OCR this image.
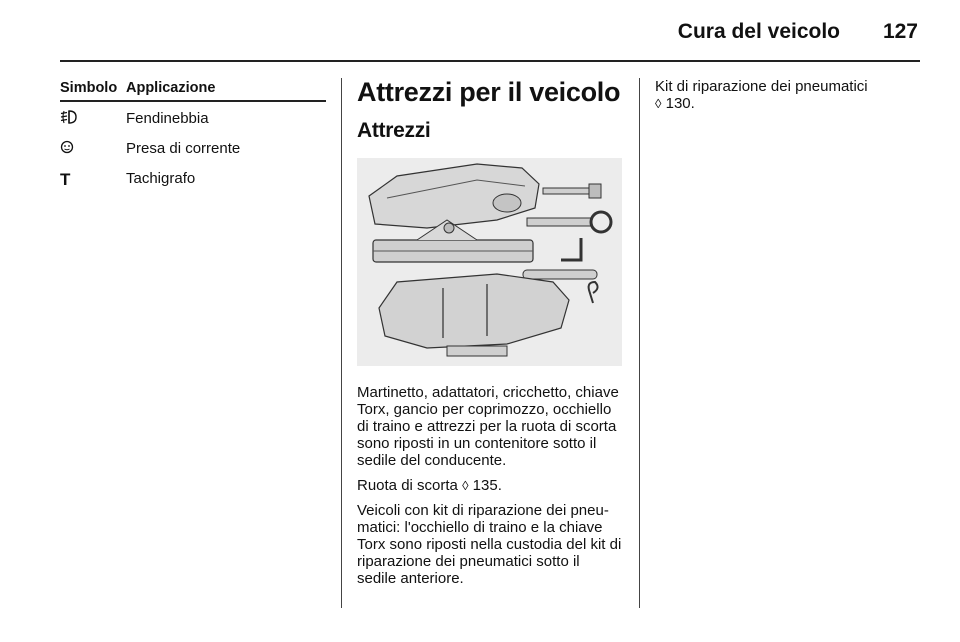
Cura del veicolo 127
Simbolo	Applicazione
	Fendinebbia
	Presa di corrente
T	Tachigrafo
Attrezzi per il veicolo
Attrezzi

Martinetto, adattatori, cricchetto, chiave Torx, gancio per coprimozzo, occhiello di traino e attrezzi per la ruota di scorta sono riposti in un contenitore sotto il sedile del conducente.

Ruota di scorta ◊ 135.

Veicoli con kit di riparazione dei pneumatici: l'occhiello di traino e la chiave Torx sono riposti nella custodia del kit di riparazione dei pneumatici sotto il sedile anteriore.

Kit di riparazione dei pneumatici
◊ 130.
